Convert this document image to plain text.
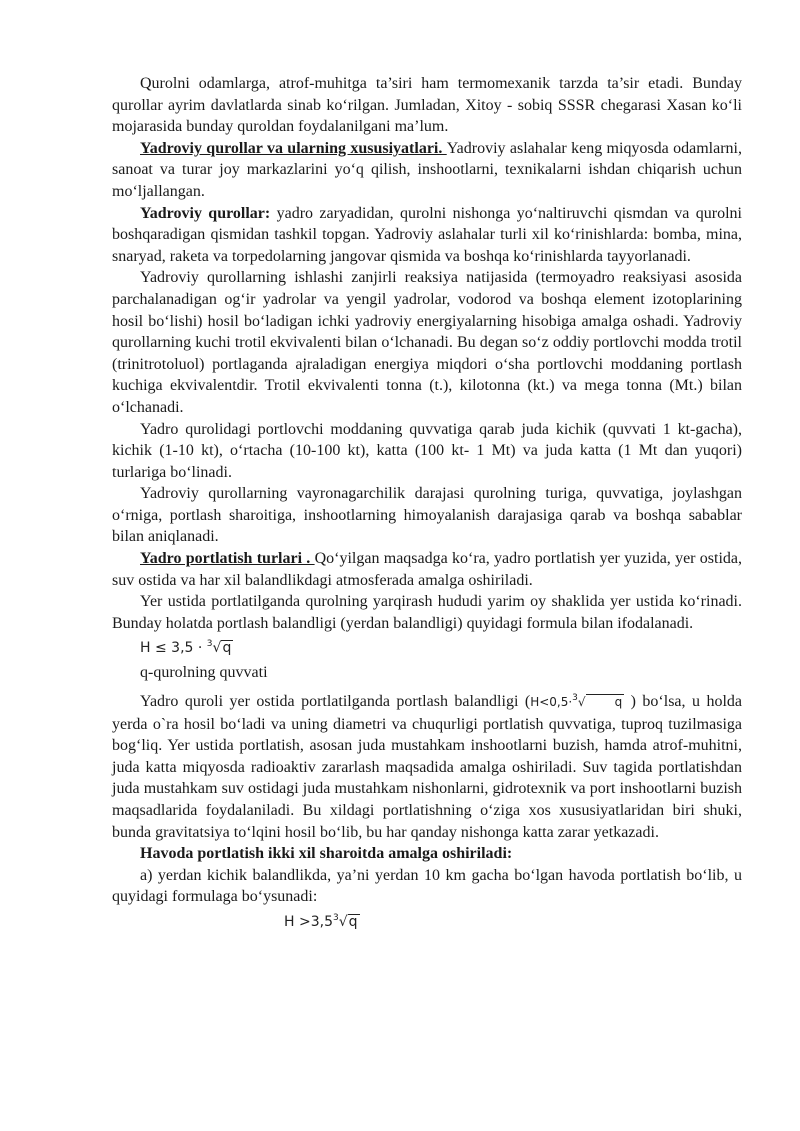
Qurolni odamlarga, atrof-muhitga ta’siri ham termomexanik tarzda ta’sir etadi. Bunday qurollar ayrim davlatlarda sinab ko‘rilgan. Jumladan, Xitoy - sobiq SSSR chegarasi Xasan ko‘li mojarasida bunday quroldan foydalanilgani ma’lum.

Yadroviy qurollar va ularning xususiyatlari. Yadroviy aslahalar keng miqyosda odamlarni, sanoat va turar joy markazlarini yo‘q qilish, inshootlarni, texnikalarni ishdan chiqarish uchun mo‘ljallangan.

Yadroviy qurollar: yadro zaryadidan, qurolni nishonga yo‘naltiruvchi qismdan va qurolni boshqaradigan qismidan tashkil topgan. Yadroviy aslahalar turli xil ko‘rinishlarda: bomba, mina, snaryad, raketa va torpedolarning jangovar qismida va boshqa ko‘rinishlarda tayyorlanadi.

Yadroviy qurollarning ishlashi zanjirli reaksiya natijasida (termoyadro reaksiyasi asosida parchalanadigan og‘ir yadrolar va yengil yadrolar, vodorod va boshqa element izotoplarining hosil bo‘lishi) hosil bo‘ladigan ichki yadroviy energiyalarning hisobiga amalga oshadi. Yadroviy qurollarning kuchi trotil ekvivalenti bilan o‘lchanadi. Bu degan so‘z oddiy portlovchi modda trotil (trinitrotoluol) portlaganda ajraladigan energiya miqdori o‘sha portlovchi moddaning portlash kuchiga ekvivalentdir. Trotil ekvivalenti tonna (t.), kilotonna (kt.) va mega tonna (Mt.) bilan o‘lchanadi.

Yadro qurolidagi portlovchi moddaning quvvatiga qarab juda kichik (quvvati 1 kt-gacha), kichik (1-10 kt), o‘rtacha (10-100 kt), katta (100 kt- 1 Mt) va juda katta (1 Mt dan yuqori) turlariga bo‘linadi.

Yadroviy qurollarning vayronagarchilik darajasi qurolning turiga, quvvatiga, joylashgan o‘rniga, portlash sharoitiga, inshootlarning himoyalanish darajasiga qarab va boshqa sabablar bilan aniqlanadi.

Yadro portlatish turlari . Qo‘yilgan maqsadga ko‘ra, yadro portlatish yer yuzida, yer ostida, suv ostida va har xil balandlikdagi atmosferada amalga oshiriladi.

Yer ustida portlatilganda qurolning yarqirash hududi yarim oy shaklida yer ustida ko‘rinadi. Bunday holatda portlash balandligi (yerdan balandligi) quyidagi formula bilan ifodalanadi.

H ≤ 3,5 · $^3$√q

q-qurolning quvvati

Yadro quroli yer ostida portlatilganda portlash balandligi (H<0,5·$^3$√ q ) bo‘lsa, u holda yerda o`ra hosil bo‘ladi va uning diametri va chuqurligi portlatish quvvatiga, tuproq tuzilmasiga bog‘liq. Yer ustida portlatish, asosan juda mustahkam inshootlarni buzish, hamda atrof-muhitni, juda katta miqyosda radioaktiv zararlash maqsadida amalga oshiriladi. Suv tagida portlatishdan juda mustahkam suv ostidagi juda mustahkam nishonlarni, gidrotexnik va port inshootlarni buzish maqsadlarida foydalaniladi. Bu xildagi portlatishning o‘ziga xos xususiyatlaridan biri shuki, bunda gravitatsiya to‘lqini hosil bo‘lib, bu har qanday nishonga katta zarar yetkazadi.

Havoda portlatish ikki xil sharoitda amalga oshiriladi:

a) yerdan kichik balandlikda, ya’ni yerdan 10 km gacha bo‘lgan havoda portlatish bo‘lib, u quyidagi formulaga bo‘ysunadi:

$H >3,5^3√q$
